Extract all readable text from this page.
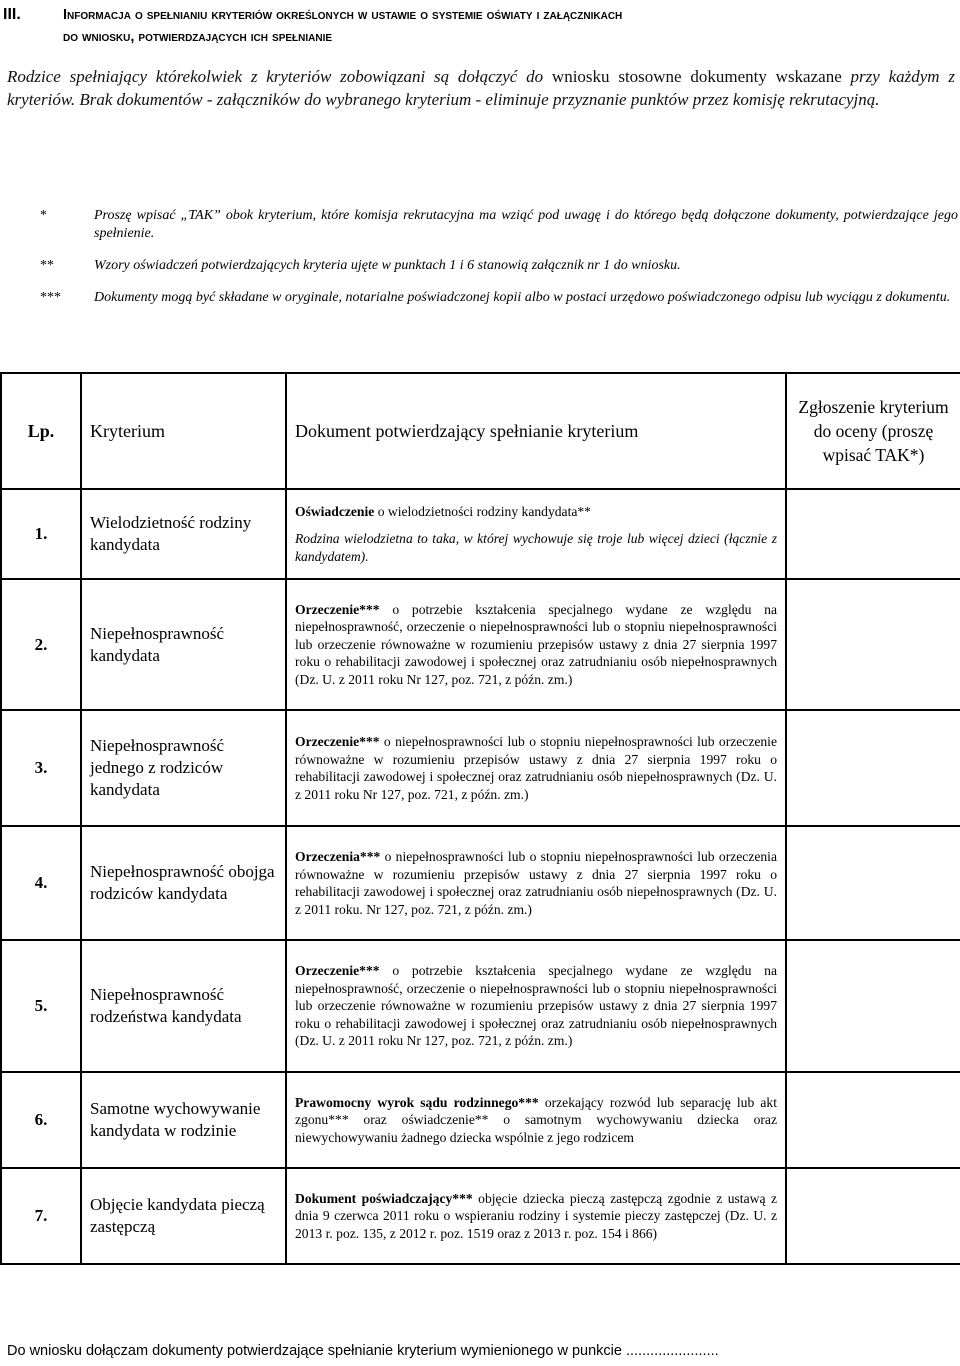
III.	Informacja o spełnianiu kryteriów określonych w ustawie o systemie oświaty i załącznikach
do wniosku, potwierdzających ich spełnianie
Rodzice spełniający którekolwiek z kryteriów zobowiązani są dołączyć do wniosku stosowne dokumenty wskazane przy każdym z kryteriów. Brak dokumentów - załączników do wybranego kryterium - eliminuje przyznanie punktów przez komisję rekrutacyjną.
*	Proszę wpisać „TAK” obok kryterium, które komisja rekrutacyjna ma wziąć pod uwagę i do którego będą dołączone dokumenty, potwierdzające jego spełnienie.
**	Wzory oświadczeń potwierdzających kryteria ujęte w punktach 1 i 6 stanowią załącznik nr 1 do wniosku.
***	Dokumenty mogą być składane w oryginale, notarialne poświadczonej kopii albo w postaci urzędowo poświadczonego odpisu lub wyciągu z dokumentu.
Lp.	Kryterium	Dokument potwierdzający spełnianie kryterium	Zgłoszenie kryterium do oceny (proszę wpisać TAK*)
1.	Wielodzietność rodziny kandydata	Oświadczenie o wielodzietności rodziny kandydata**

Rodzina wielodzietna to taka, w której wychowuje się troje lub więcej dzieci (łącznie z kandydatem).	

2.	Niepełnosprawność kandydata	Orzeczenie*** o potrzebie kształcenia specjalnego wydane ze względu na niepełnosprawność, orzeczenie o niepełnosprawności lub o stopniu niepełnosprawności lub orzeczenie równoważne w rozumieniu przepisów ustawy z dnia 27 sierpnia 1997 roku o rehabilitacji zawodowej i społecznej oraz zatrudnianiu osób niepełnosprawnych (Dz. U. z 2011 roku Nr 127, poz. 721, z późn. zm.)	

3.	Niepełnosprawność jednego z rodziców kandydata	Orzeczenie*** o niepełnosprawności lub o stopniu niepełnosprawności lub orzeczenie równoważne w rozumieniu przepisów ustawy z dnia 27 sierpnia 1997 roku o rehabilitacji zawodowej i społecznej oraz zatrudnianiu osób niepełnosprawnych (Dz. U. z 2011 roku Nr 127, poz. 721, z późn. zm.)	

4.	Niepełnosprawność obojga rodziców kandydata	Orzeczenia*** o niepełnosprawności lub o stopniu niepełnosprawności lub orzeczenia równoważne w rozumieniu przepisów ustawy z dnia 27 sierpnia 1997 roku o rehabilitacji zawodowej i społecznej oraz zatrudnianiu osób niepełnosprawnych (Dz. U. z 2011 roku. Nr 127, poz. 721, z późn. zm.)	

5.	Niepełnosprawność rodzeństwa kandydata	Orzeczenie*** o potrzebie kształcenia specjalnego wydane ze względu na niepełnosprawność, orzeczenie o niepełnosprawności lub o stopniu niepełnosprawności lub orzeczenie równoważne w rozumieniu przepisów ustawy z dnia 27 sierpnia 1997 roku o rehabilitacji zawodowej i społecznej oraz zatrudnianiu osób niepełnosprawnych (Dz. U. z 2011 roku Nr 127, poz. 721, z późn. zm.)	

6.	Samotne wychowywanie kandydata w rodzinie	Prawomocny wyrok sądu rodzinnego*** orzekający rozwód lub separację lub akt zgonu*** oraz oświadczenie** o samotnym wychowywaniu dziecka oraz niewychowywaniu żadnego dziecka wspólnie z jego rodzicem	

7.	Objęcie kandydata pieczą zastępczą	Dokument poświadczający*** objęcie dziecka pieczą zastępczą zgodnie z ustawą z dnia 9 czerwca 2011 roku o wspieraniu rodziny i systemie pieczy zastępczej (Dz. U. z 2013 r. poz. 135, z 2012 r. poz. 1519 oraz z 2013 r. poz. 154 i 866)	

Do wniosku dołączam dokumenty potwierdzające spełnianie kryterium wymienionego w punkcie .......................
